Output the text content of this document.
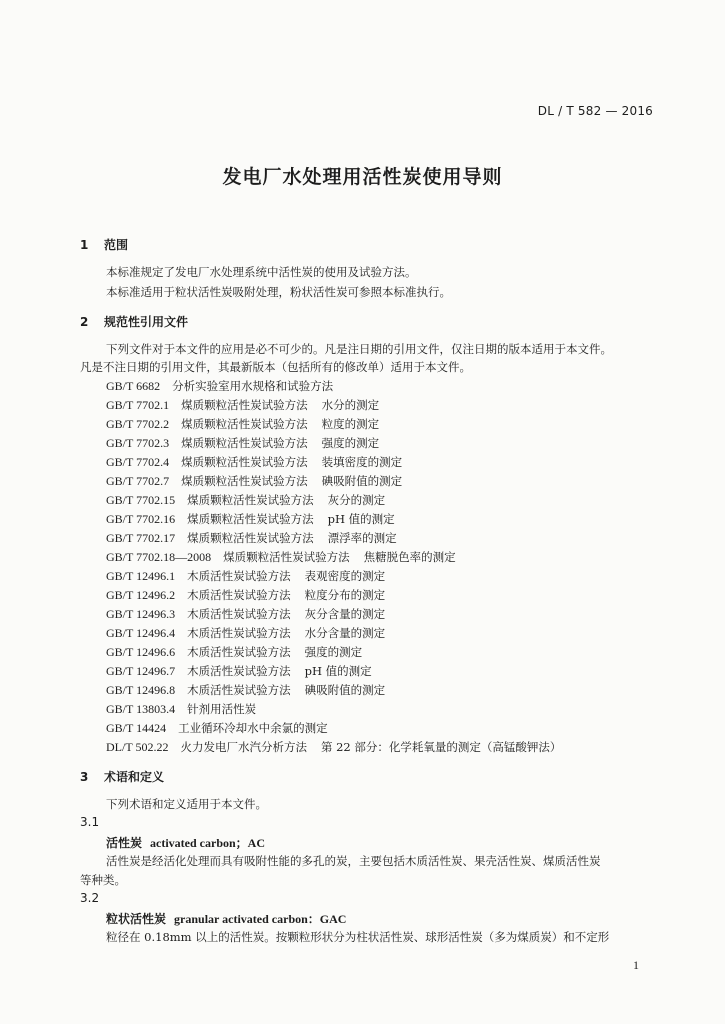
DL / T 582 — 2016
发电厂水处理用活性炭使用导则
1 范围
本标准规定了发电厂水处理系统中活性炭的使用及试验方法。
本标准适用于粒状活性炭吸附处理，粉状活性炭可参照本标准执行。
2 规范性引用文件
下列文件对于本文件的应用是必不可少的。凡是注日期的引用文件，仅注日期的版本适用于本文件。
凡是不注日期的引用文件，其最新版本（包括所有的修改单）适用于本文件。
GB/T 6682 分析实验室用水规格和试验方法
GB/T 7702.1 煤质颗粒活性炭试验方法 水分的测定
GB/T 7702.2 煤质颗粒活性炭试验方法 粒度的测定
GB/T 7702.3 煤质颗粒活性炭试验方法 强度的测定
GB/T 7702.4 煤质颗粒活性炭试验方法 装填密度的测定
GB/T 7702.7 煤质颗粒活性炭试验方法 碘吸附值的测定
GB/T 7702.15 煤质颗粒活性炭试验方法 灰分的测定
GB/T 7702.16 煤质颗粒活性炭试验方法 pH 值的测定
GB/T 7702.17 煤质颗粒活性炭试验方法 漂浮率的测定
GB/T 7702.18—2008 煤质颗粒活性炭试验方法 焦糖脱色率的测定
GB/T 12496.1 木质活性炭试验方法 表观密度的测定
GB/T 12496.2 木质活性炭试验方法 粒度分布的测定
GB/T 12496.3 木质活性炭试验方法 灰分含量的测定
GB/T 12496.4 木质活性炭试验方法 水分含量的测定
GB/T 12496.6 木质活性炭试验方法 强度的测定
GB/T 12496.7 木质活性炭试验方法 pH 值的测定
GB/T 12496.8 木质活性炭试验方法 碘吸附值的测定
GB/T 13803.4 针剂用活性炭
GB/T 14424 工业循环冷却水中余氯的测定
DL/T 502.22 火力发电厂水汽分析方法 第 22 部分：化学耗氧量的测定（高锰酸钾法）
3 术语和定义
下列术语和定义适用于本文件。
3.1
活性炭 activated carbon；AC
活性炭是经活化处理而具有吸附性能的多孔的炭，主要包括木质活性炭、果壳活性炭、煤质活性炭
等种类。
3.2
粒状活性炭 granular activated carbon：GAC
粒径在 0.18mm 以上的活性炭。按颗粒形状分为柱状活性炭、球形活性炭（多为煤质炭）和不定形
1
